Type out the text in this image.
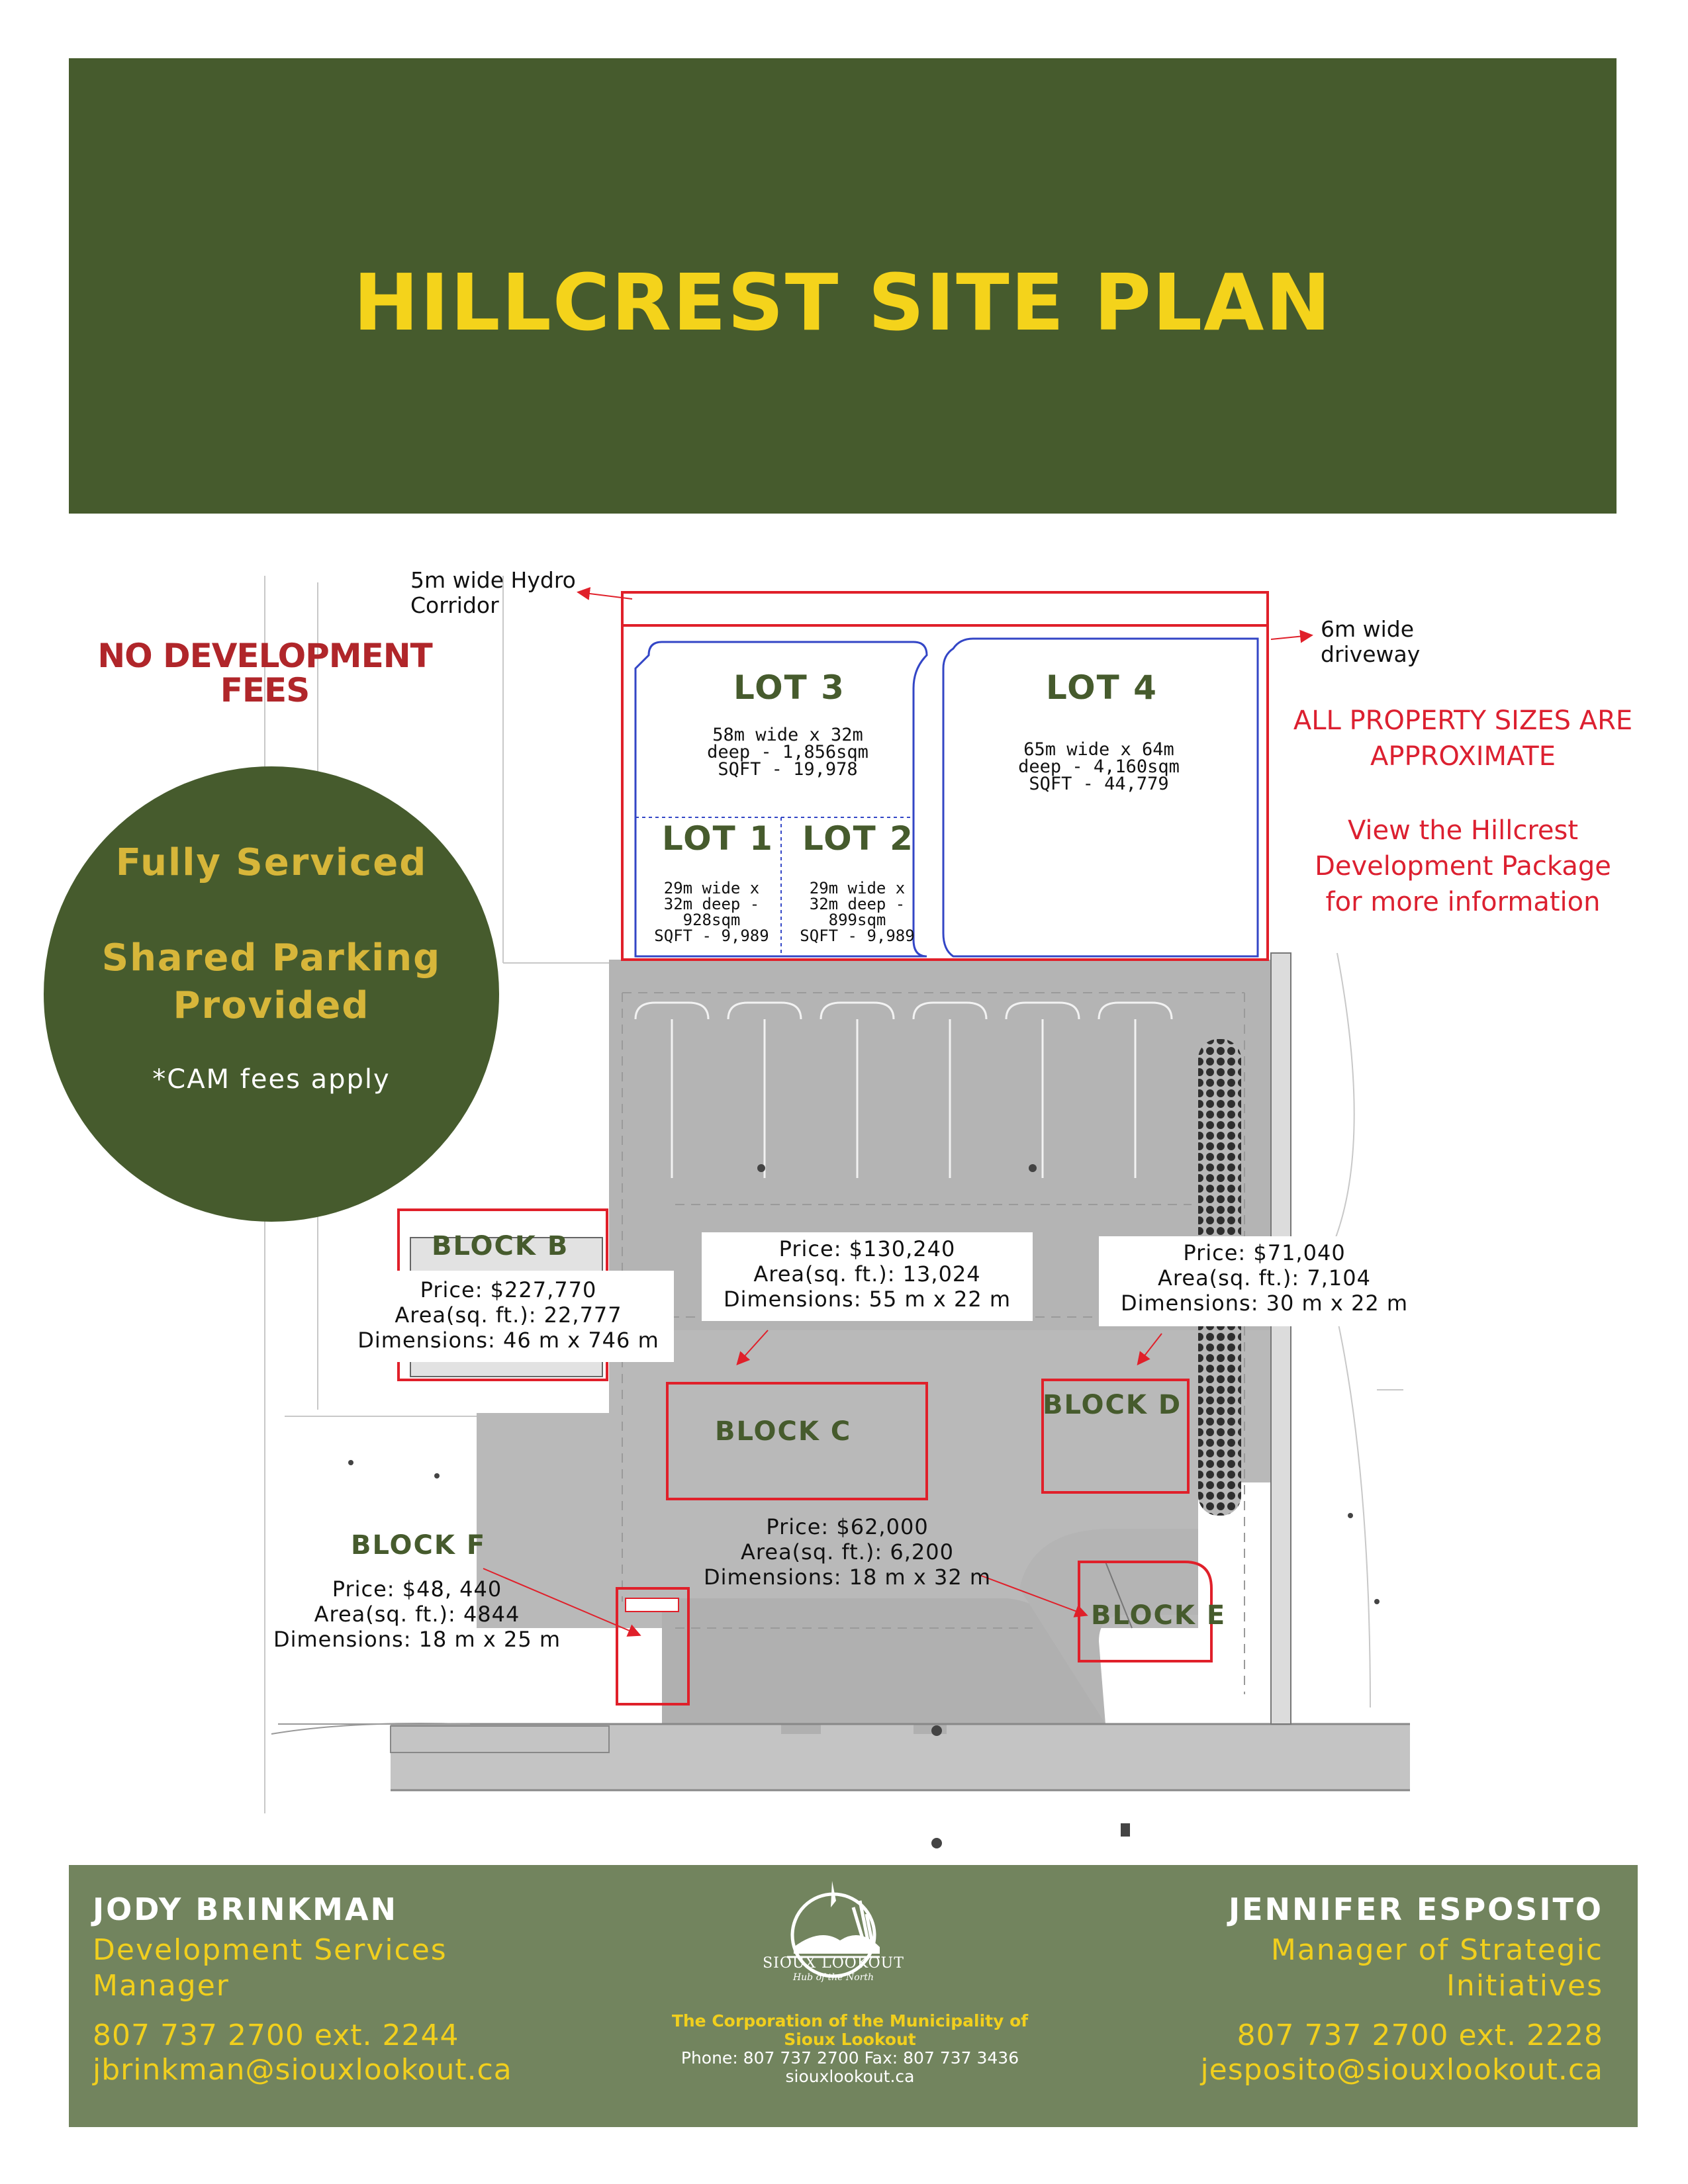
HILLCREST SITE PLAN
5m wide Hydro
Corridor
6m wide
driveway
ALL PROPERTY SIZES ARE
APPROXIMATE
View the Hillcrest
Development Package
for more information
LOT 3
58m wide x 32m
deep - 1,856sqm
SQFT - 19,978
LOT 4
65m wide x 64m
deep - 4,160sqm
SQFT - 44,779
LOT 1
29m wide x
32m deep -
928sqm
SQFT - 9,989
LOT 2
29m wide x
32m deep -
899sqm
SQFT - 9,989
BLOCK B
Price: $227,770
Area(sq. ft.): 22,777
Dimensions: 46 m x 746 m
Price: $130,240
Area(sq. ft.): 13,024
Dimensions: 55 m x 22 m
BLOCK C
Price: $71,040
Area(sq. ft.): 7,104
Dimensions: 30 m x 22 m
BLOCK D
Price: $62,000
Area(sq. ft.): 6,200
Dimensions: 18 m x 32 m
BLOCK E
BLOCK F
Price: $48, 440
Area(sq. ft.): 4844
Dimensions: 18 m x 25 m
NO DEVELOPMENT
FEES
Fully Serviced
Shared Parking
Provided
*CAM fees apply
JODY BRINKMAN
Development Services
Manager
807 737 2700 ext. 2244
jbrinkman@siouxlookout.ca
SIOUX LOOKOUT
Hub of the North
The Corporation of the Municipality of
Sioux Lookout
Phone: 807 737 2700 Fax: 807 737 3436
siouxlookout.ca
JENNIFER ESPOSITO
Manager of Strategic
Initiatives
807 737 2700 ext. 2228
jesposito@siouxlookout.ca
